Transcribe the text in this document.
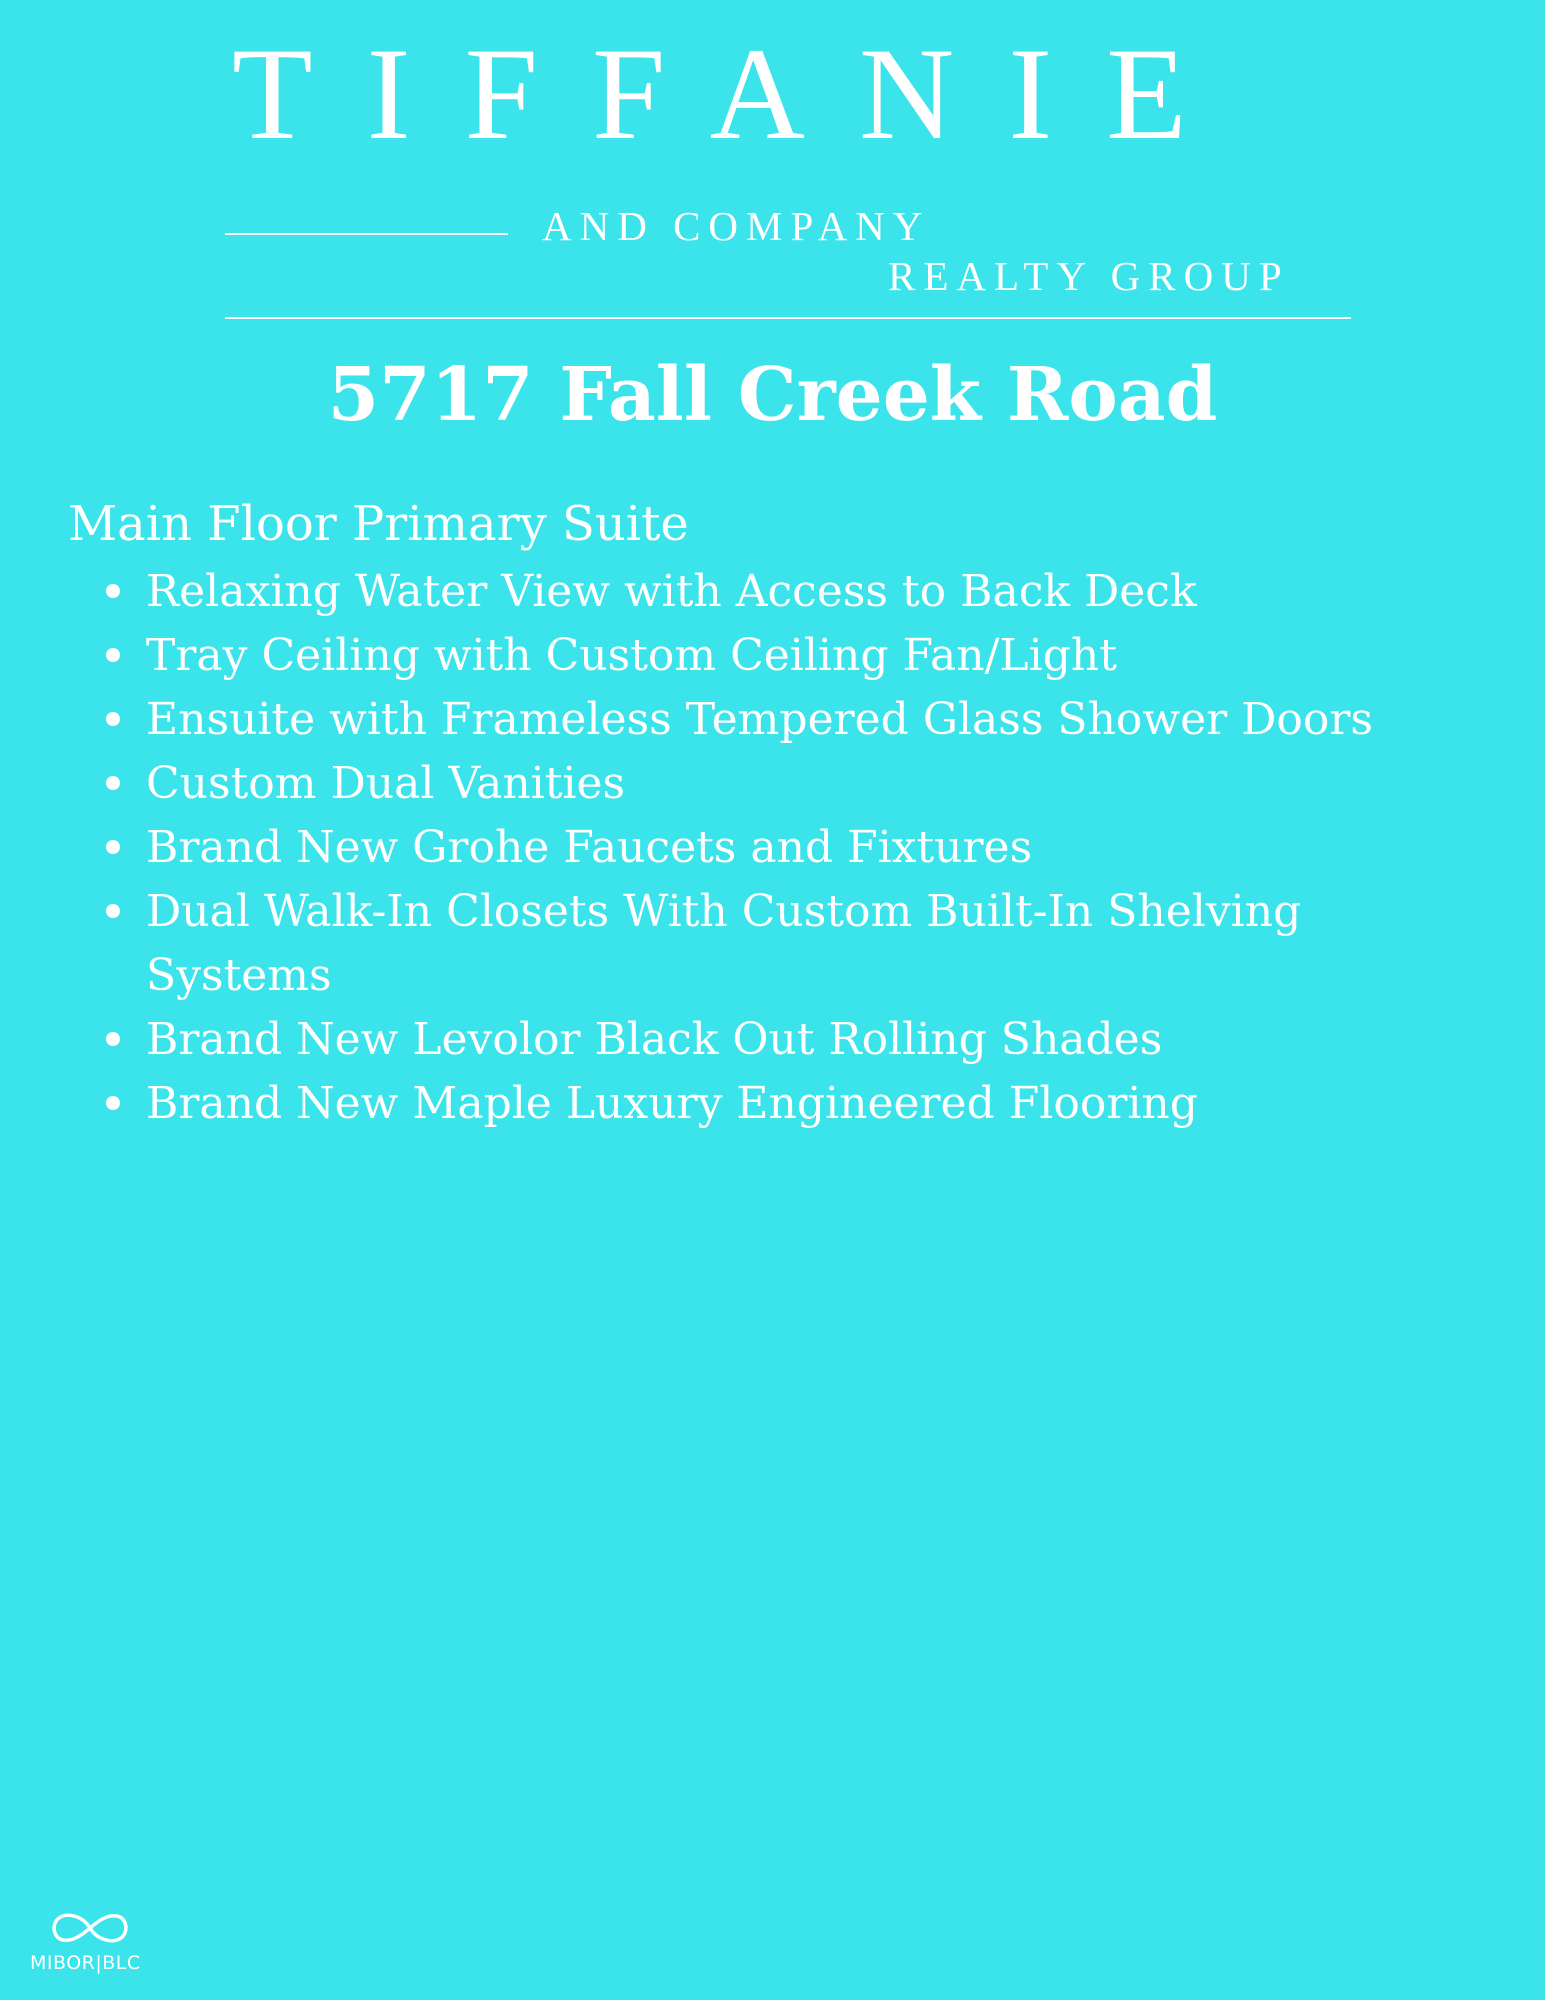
TIFFANIE
AND COMPANY
REALTY GROUP
5717 Fall Creek Road
Main Floor Primary Suite
Relaxing Water View with Access to Back Deck
Tray Ceiling with Custom Ceiling Fan/Light
Ensuite with Frameless Tempered Glass Shower Doors
Custom Dual Vanities
Brand New Grohe Faucets and Fixtures
Dual Walk-In Closets With Custom Built-In Shelving Systems
Brand New Levolor Black Out Rolling Shades
Brand New Maple Luxury Engineered Flooring
MIBOR|BLC
